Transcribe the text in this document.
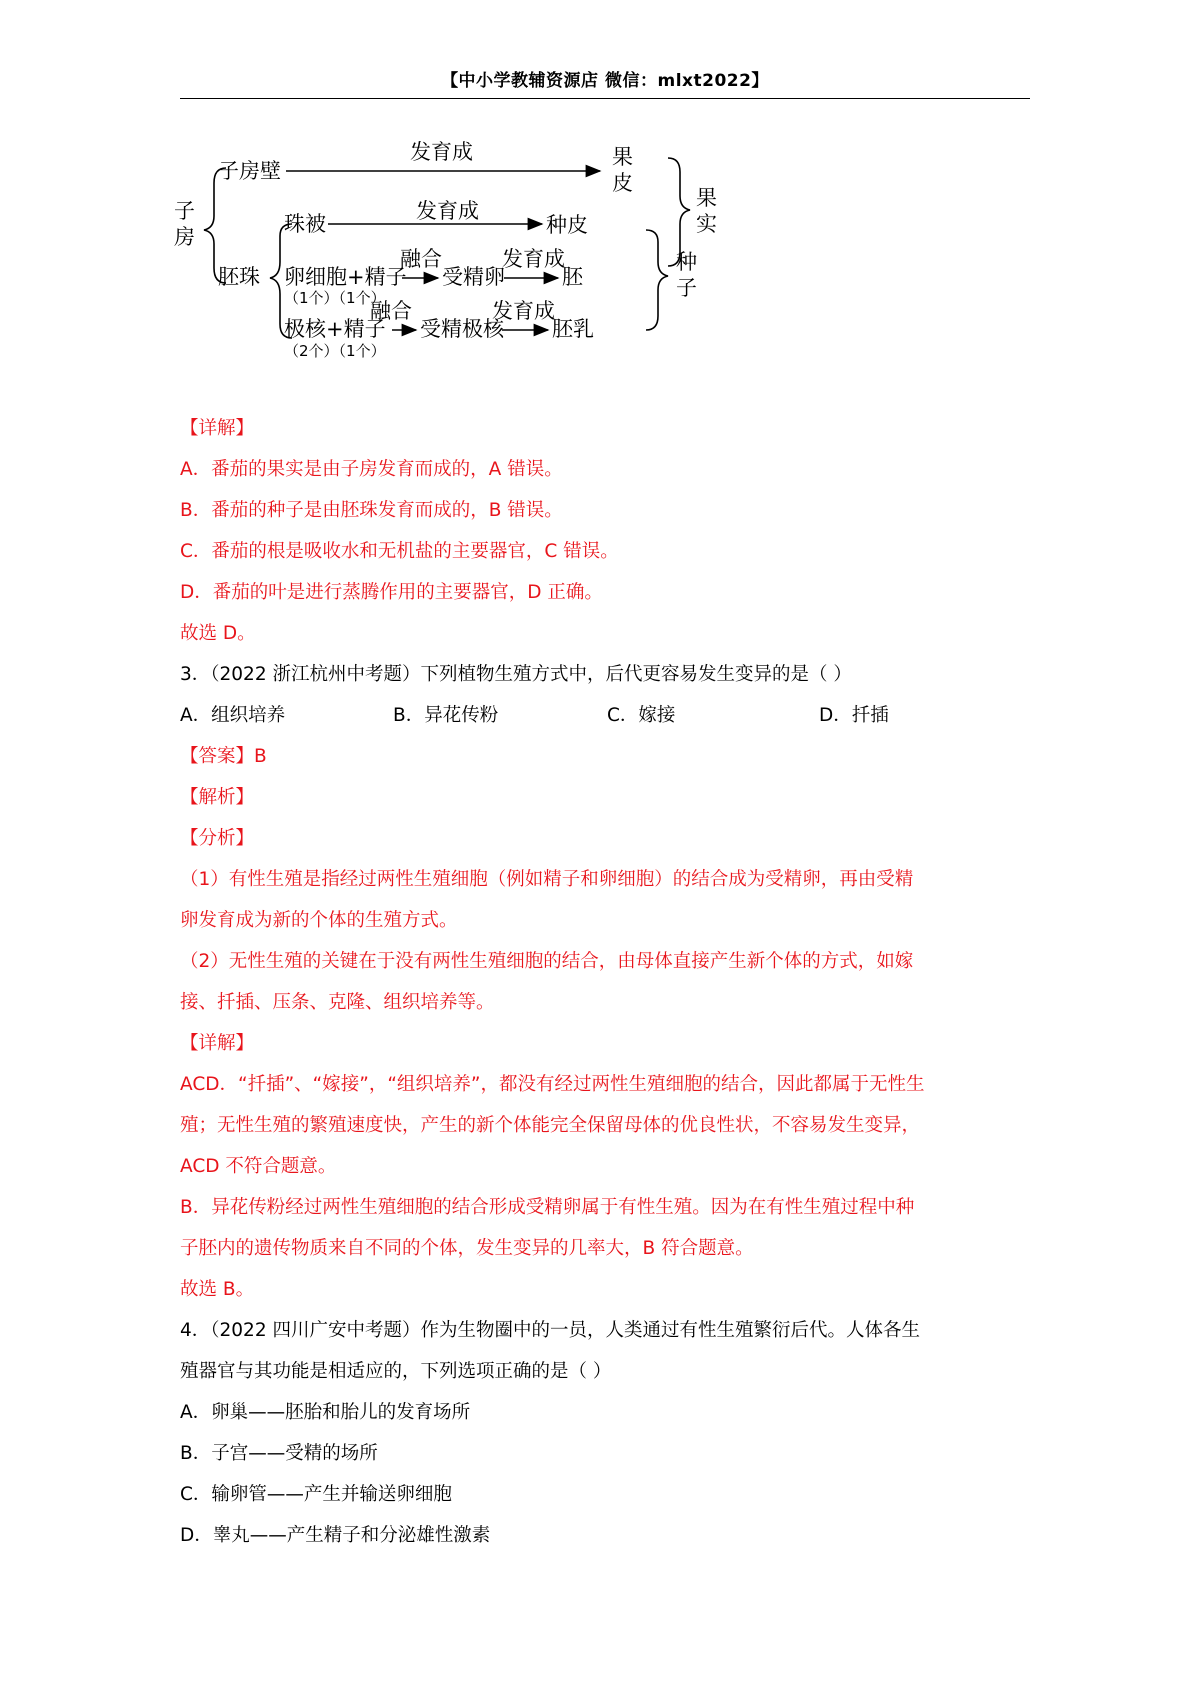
【中小学教辅资源店 微信：mlxt2022】
子
房
子房壁
发育成	果
皮
果
实
胚珠
珠被
发育成
种皮
卵细胞+精子
（1个）（1个）
融合
受精卵
发育成
胚
极核+精子
（2个）（1个）
融合
受精极核
发育成
胚乳
种
子
【详解】
A．番茄的果实是由子房发育而成的，A 错误。
B．番茄的种子是由胚珠发育而成的，B 错误。
C．番茄的根是吸收水和无机盐的主要器官，C 错误。
D．番茄的叶是进行蒸腾作用的主要器官，D 正确。
故选 D。
3．（2022 浙江杭州中考题）下列植物生殖方式中，后代更容易发生变异的是（ ）
A．组织培养	B．异花传粉	C．嫁接	D．扦插
【答案】B
【解析】
【分析】
（1）有性生殖是指经过两性生殖细胞（例如精子和卵细胞）的结合成为受精卵，再由受精
卵发育成为新的个体的生殖方式。
（2）无性生殖的关键在于没有两性生殖细胞的结合，由母体直接产生新个体的方式，如嫁
接、扦插、压条、克隆、组织培养等。
【详解】
ACD．“扦插”、“嫁接”，“组织培养”，都没有经过两性生殖细胞的结合，因此都属于无性生
殖；无性生殖的繁殖速度快，产生的新个体能完全保留母体的优良性状，不容易发生变异，
ACD 不符合题意。
B．异花传粉经过两性生殖细胞的结合形成受精卵属于有性生殖。因为在有性生殖过程中种
子胚内的遗传物质来自不同的个体，发生变异的几率大，B 符合题意。
故选 B。
4．（2022 四川广安中考题）作为生物圈中的一员，人类通过有性生殖繁衍后代。人体各生
殖器官与其功能是相适应的，下列选项正确的是（ ）
A．卵巢——胚胎和胎儿的发育场所
B．子宫——受精的场所
C．输卵管——产生并输送卵细胞
D．睾丸——产生精子和分泌雄性激素
